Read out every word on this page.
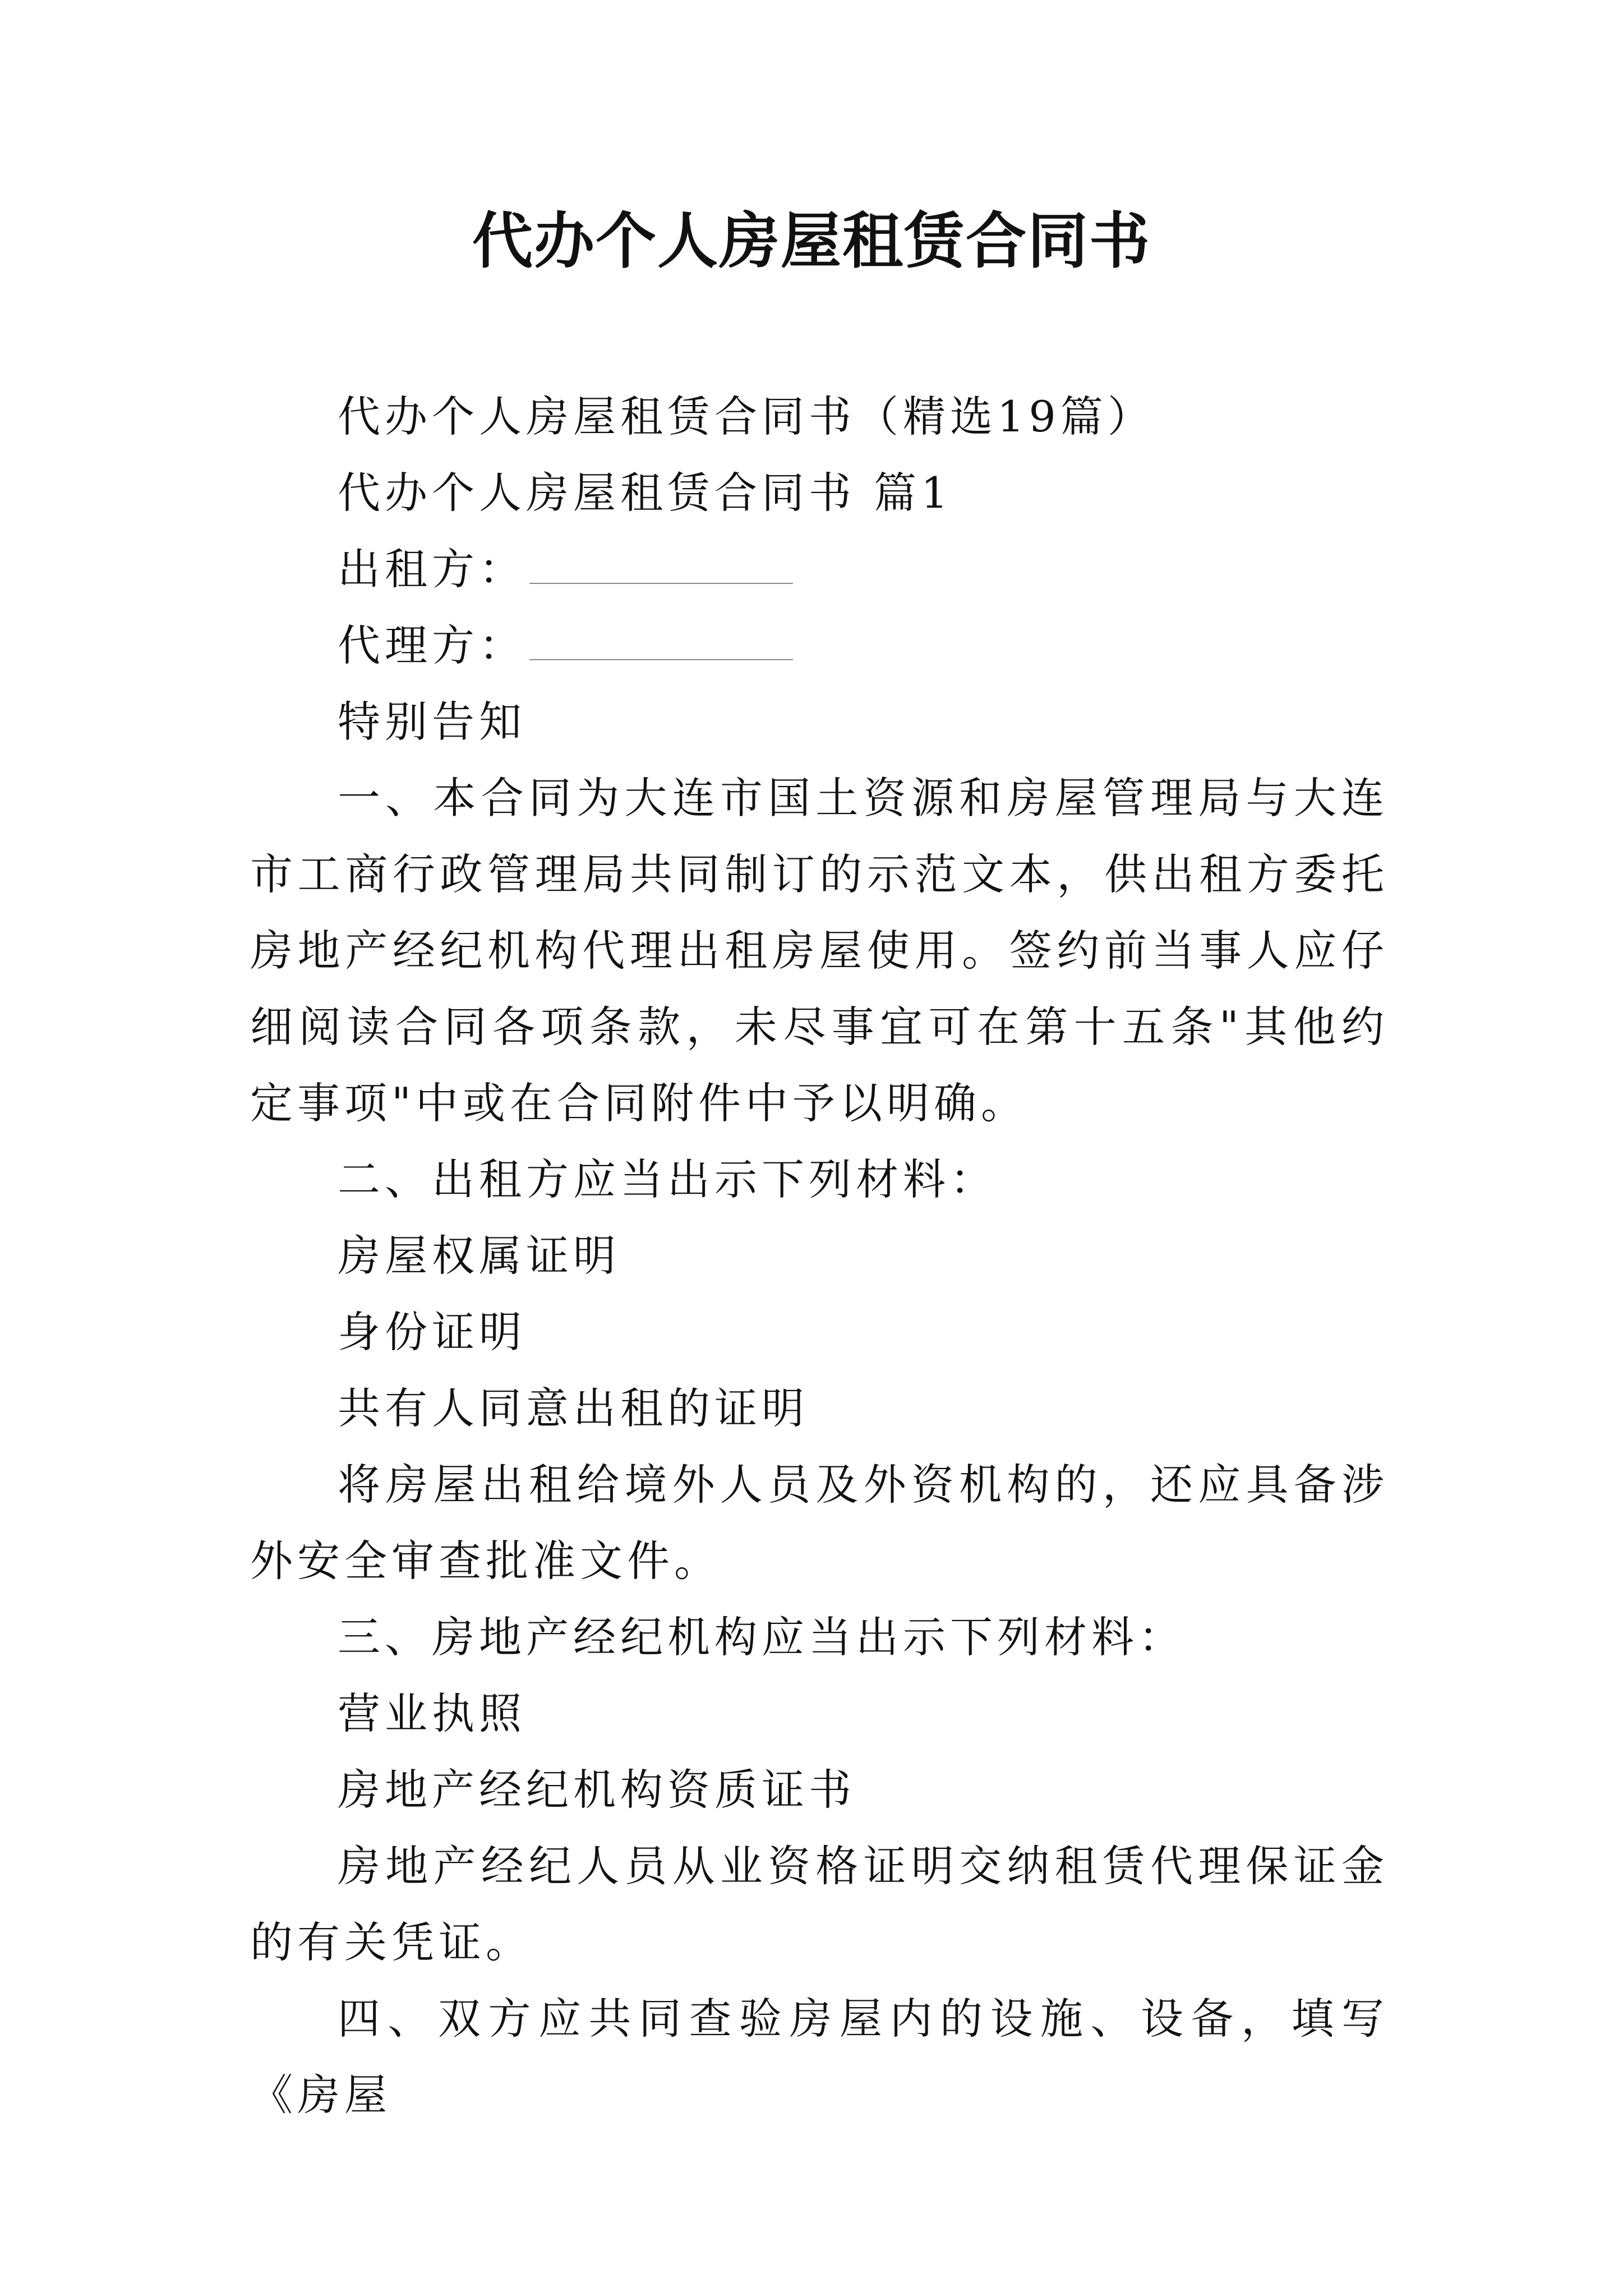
代办个人房屋租赁合同书

代办个人房屋租赁合同书（精选19篇）

代办个人房屋租赁合同书 篇1

出租方：

代理方：

特别告知

一、本合同为大连市国土资源和房屋管理局与大连市工商行政管理局共同制订的示范文本，供出租方委托房地产经纪机构代理出租房屋使用。签约前当事人应仔细阅读合同各项条款，未尽事宜可在第十五条"其他约定事项"中或在合同附件中予以明确。

二、出租方应当出示下列材料：

房屋权属证明

身份证明

共有人同意出租的证明

将房屋出租给境外人员及外资机构的，还应具备涉外安全审查批准文件。

三、房地产经纪机构应当出示下列材料：

营业执照

房地产经纪机构资质证书

房地产经纪人员从业资格证明交纳租赁代理保证金的有关凭证。

四、双方应共同查验房屋内的设施、设备，填写《房屋
